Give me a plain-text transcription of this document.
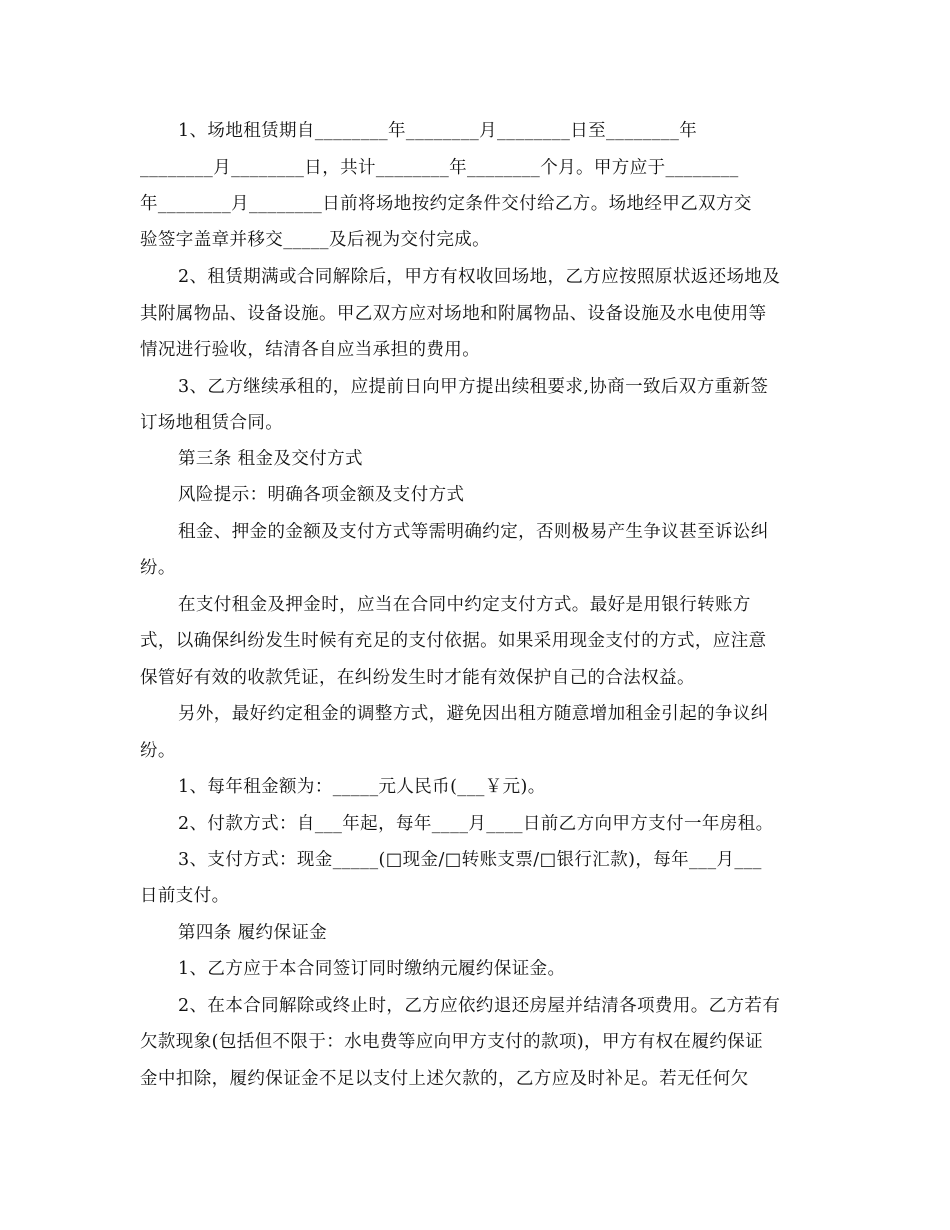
1、场地租赁期自________年________月________日至________年
________月________日，共计________年________个月。甲方应于________
年________月________日前将场地按约定条件交付给乙方。场地经甲乙双方交
验签字盖章并移交_____及后视为交付完成。
2、租赁期满或合同解除后，甲方有权收回场地，乙方应按照原状返还场地及
其附属物品、设备设施。甲乙双方应对场地和附属物品、设备设施及水电使用等
情况进行验收，结清各自应当承担的费用。
3、乙方继续承租的，应提前日向甲方提出续租要求,协商一致后双方重新签
订场地租赁合同。
第三条 租金及交付方式
风险提示：明确各项金额及支付方式
租金、押金的金额及支付方式等需明确约定，否则极易产生争议甚至诉讼纠
纷。
在支付租金及押金时，应当在合同中约定支付方式。最好是用银行转账方
式，以确保纠纷发生时候有充足的支付依据。如果采用现金支付的方式，应注意
保管好有效的收款凭证，在纠纷发生时才能有效保护自己的合法权益。
另外，最好约定租金的调整方式，避免因出租方随意增加租金引起的争议纠
纷。
1、每年租金额为：_____元人民币(___￥元)。
2、付款方式：自___年起，每年____月____日前乙方向甲方支付一年房租。
3、支付方式：现金_____(□现金/□转账支票/□银行汇款)，每年___月___
日前支付。
第四条 履约保证金
1、乙方应于本合同签订同时缴纳元履约保证金。
2、在本合同解除或终止时，乙方应依约退还房屋并结清各项费用。乙方若有
欠款现象(包括但不限于：水电费等应向甲方支付的款项)，甲方有权在履约保证
金中扣除，履约保证金不足以支付上述欠款的，乙方应及时补足。若无任何欠
